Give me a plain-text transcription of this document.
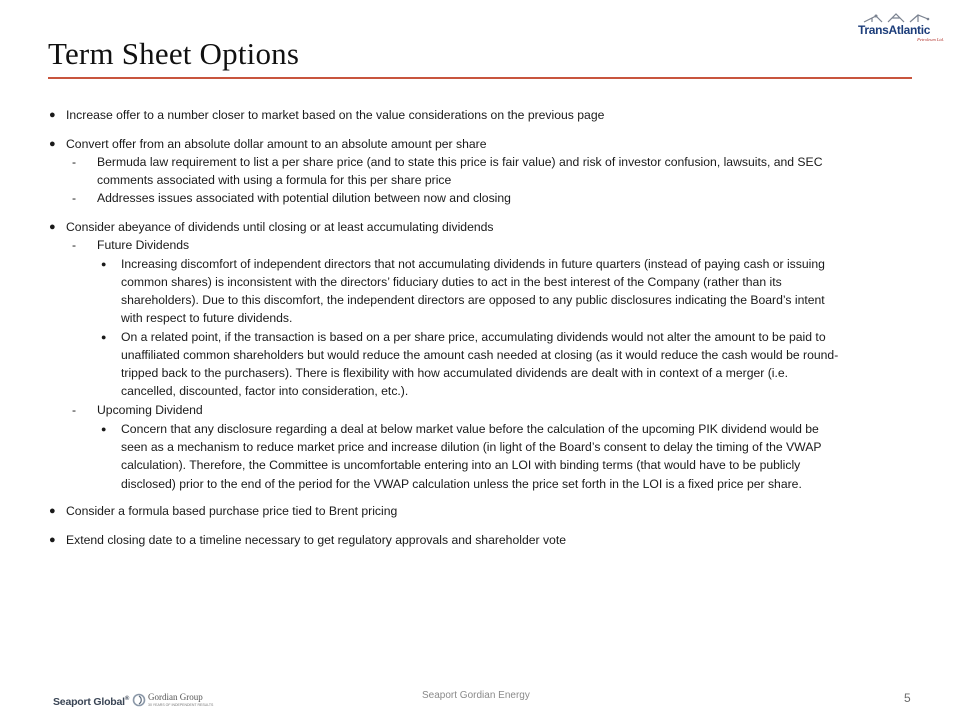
Term Sheet Options
TransAtlantic
Petroleum Ltd.
● Increase offer to a number closer to market based on the value considerations on the previous page
● Convert offer from an absolute dollar amount to an absolute amount per share
- Bermuda law requirement to list a per share price (and to state this price is fair value) and risk of investor confusion, lawsuits, and SEC
comments associated with using a formula for this per share price
- Addresses issues associated with potential dilution between now and closing
● Consider abeyance of dividends until closing or at least accumulating dividends
- Future Dividends
● Increasing discomfort of independent directors that not accumulating dividends in future quarters (instead of paying cash or issuing
common shares) is inconsistent with the directors’ fiduciary duties to act in the best interest of the Company (rather than its
shareholders). Due to this discomfort, the independent directors are opposed to any public disclosures indicating the Board’s intent
with respect to future dividends.
● On a related point, if the transaction is based on a per share price, accumulating dividends would not alter the amount to be paid to
unaffiliated common shareholders but would reduce the amount cash needed at closing (as it would reduce the cash would be round-
tripped back to the purchasers). There is flexibility with how accumulated dividends are dealt with in context of a merger (i.e.
cancelled, discounted, factor into consideration, etc.).
- Upcoming Dividend
● Concern that any disclosure regarding a deal at below market value before the calculation of the upcoming PIK dividend would be
seen as a mechanism to reduce market price and increase dilution (in light of the Board’s consent to delay the timing of the VWAP
calculation). Therefore, the Committee is uncomfortable entering into an LOI with binding terms (that would have to be publicly
disclosed) prior to the end of the period for the VWAP calculation unless the price set forth in the LOI is a fixed price per share.
● Consider a formula based purchase price tied to Brent pricing
● Extend closing date to a timeline necessary to get regulatory approvals and shareholder vote
Seaport Global® Gordian Group
30 YEARS OF INDEPENDENT RESULTS
Seaport Gordian Energy	5
